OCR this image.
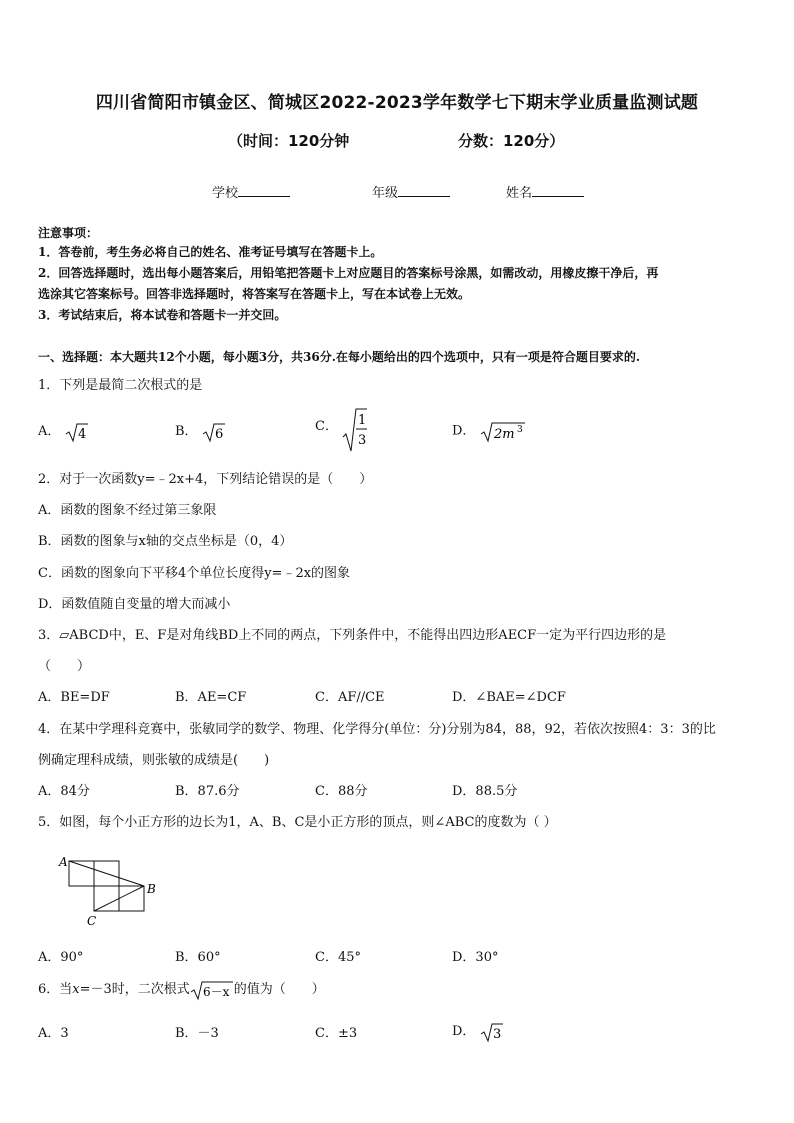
四川省简阳市镇金区、简城区2022-2023学年数学七下期末学业质量监测试题
（时间：120分钟	分数：120分）
学校	年级	姓名
注意事项：
1．答卷前，考生务必将自己的姓名、准考证号填写在答题卡上。
2．回答选择题时，选出每小题答案后，用铅笔把答题卡上对应题目的答案标号涂黑，如需改动，用橡皮擦干净后，再
选涂其它答案标号。回答非选择题时，将答案写在答题卡上，写在本试卷上无效。
3．考试结束后，将本试卷和答题卡一并交回。
一、选择题：本大题共12个小题，每小题3分，共36分.在每小题给出的四个选项中，只有一项是符合题目要求的.
1．下列是最简二次根式的是
A． 4	B． 6
C． 1
3
D． 2m 3
2．对于一次函数y=﹣2x+4，下列结论错误的是（　　）
A．函数的图象不经过第三象限
B．函数的图象与x轴的交点坐标是（0，4）
C．函数的图象向下平移4个单位长度得y=﹣2x的图象
D．函数值随自变量的增大而减小
3．▱ABCD中，E、F是对角线BD上不同的两点，下列条件中，不能得出四边形AECF一定为平行四边形的是
（　　）
A．BE=DF	B．AE=CF	C．AF//CE	D．∠BAE=∠DCF
4．在某中学理科竞赛中，张敏同学的数学、物理、化学得分(单位：分)分别为84，88，92，若依次按照4：3：3的比
例确定理科成绩，则张敏的成绩是(　　)
A．84分	B．87.6分	C．88分	D．88.5分
5．如图，每个小正方形的边长为1，A、B、C是小正方形的顶点，则∠ABC的度数为（ ）
A
B
C
A．90°	B．60°	C．45°	D．30°
6．当x=－3时，二次根式 6－x 的值为（　　）
A．3	B．－3	C．±3	D． 3
